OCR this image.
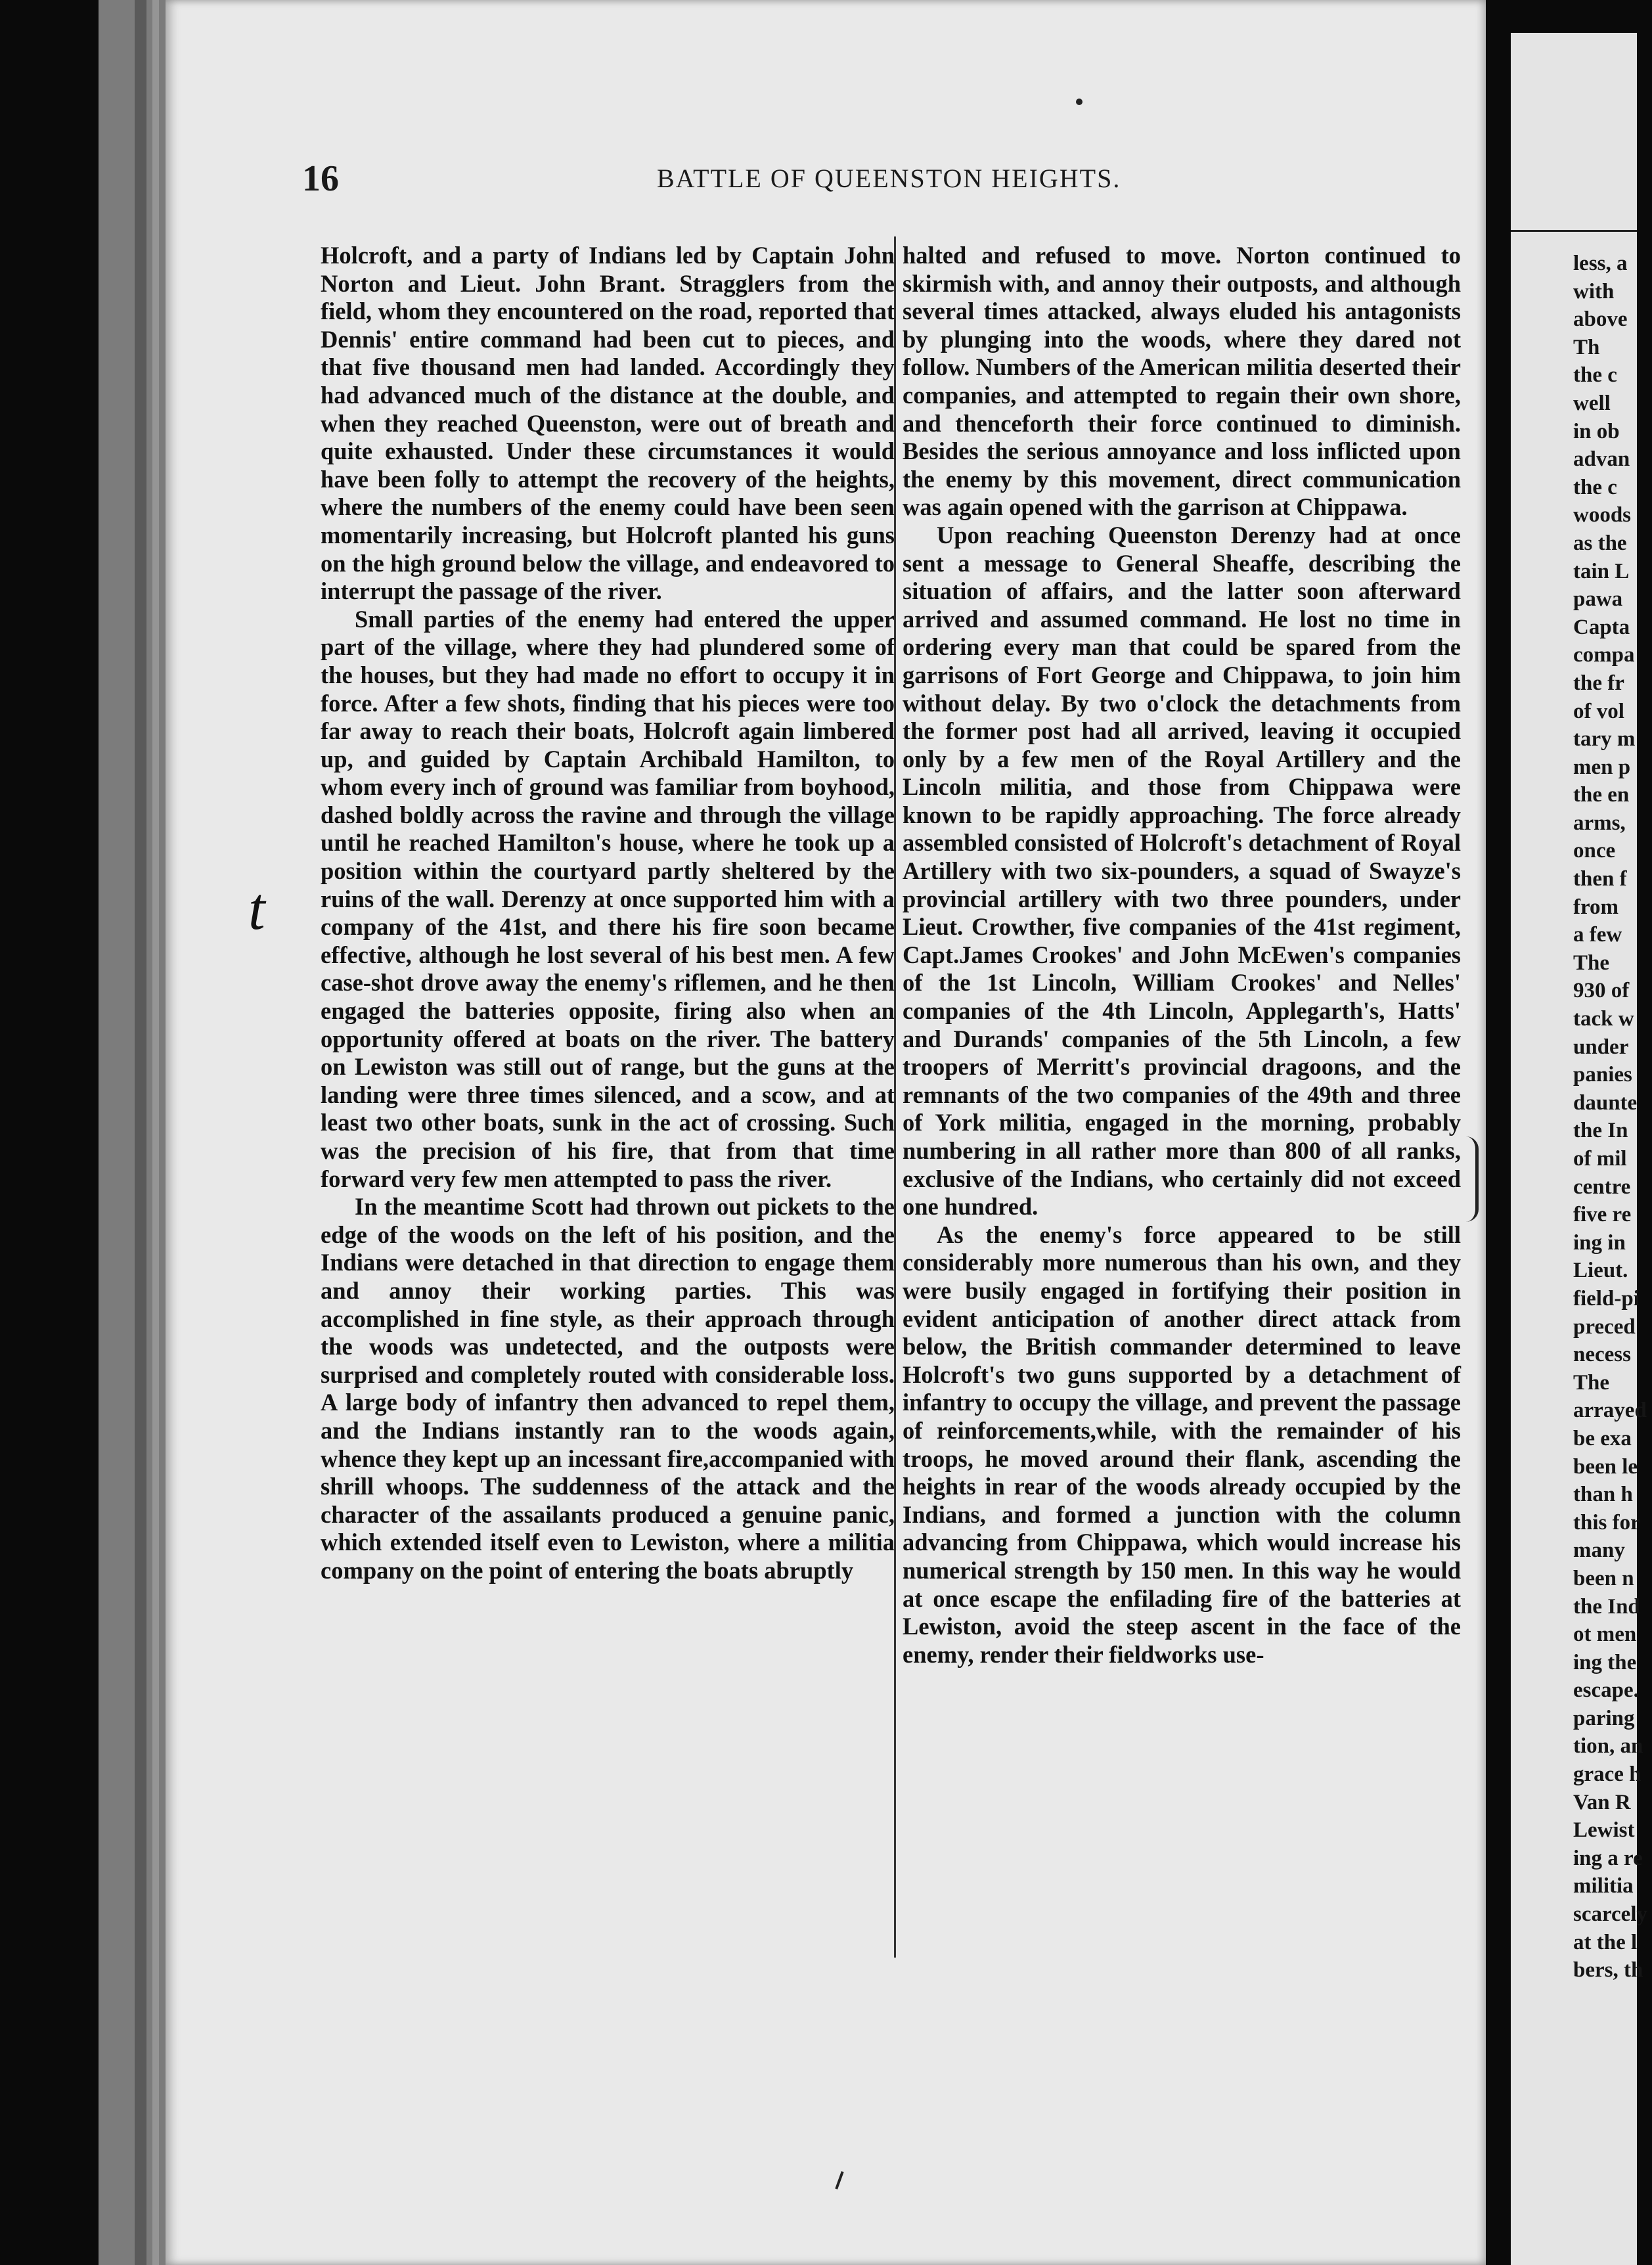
less, a
with
above
Th
the c
well
in ob
advan
the c
woods
as the
tain L
pawa
Capta
compa
the fr
of vol
tary m
men p
the en
arms,
once
then f
from
a few
The
930 of
tack w
under
panies
daunte
the In
of mil
centre
five re
ing in
Lieut.
field-pi
preced
necess
The
arrayed
be exa
been le
than h
this for
many
been n
the Ind
ot men
ing the
escape.
paring
tion, an
grace h
Van R
Lewist
ing a re
militia
scarcely
at the l
bers, th
16	BATTLE OF QUEENSTON HEIGHTS.

Holcroft, and a party of Indians led by Captain John Norton and Lieut. John Brant. Stragglers from the field, whom they encountered on the road, reported that Dennis' entire command had been cut to pieces, and that five thousand men had landed. Accordingly they had advanced much of the distance at the double, and when they reached Queenston, were out of breath and quite exhausted. Under these circumstances it would have been folly to attempt the recovery of the heights, where the numbers of the enemy could have been seen momentarily increasing, but Holcroft planted his guns on the high ground below the village, and endeavored to interrupt the passage of the river.

Small parties of the enemy had entered the upper part of the village, where they had plundered some of the houses, but they had made no effort to occupy it in force. After a few shots, finding that his pieces were too far away to reach their boats, Holcroft again limbered up, and guided by Captain Archibald Hamilton, to whom every inch of ground was familiar from boyhood, dashed boldly across the ravine and through the village until he reached Hamilton's house, where he took up a position within the courtyard partly sheltered by the ruins of the wall. Derenzy at once supported him with a company of the 41st, and there his fire soon became effective, although he lost several of his best men. A few case-shot drove away the enemy's riflemen, and he then engaged the batteries opposite, firing also when an opportunity offered at boats on the river. The battery on Lewiston was still out of range, but the guns at the landing were three times silenced, and a scow, and at least two other boats, sunk in the act of crossing. Such was the precision of his fire, that from that time forward very few men attempted to pass the river.

In the meantime Scott had thrown out pickets to the edge of the woods on the left of his position, and the Indians were detached in that direction to engage them and annoy their working parties. This was accomplished in fine style, as their approach through the woods was undetected, and the outposts were surprised and completely routed with considerable loss. A large body of infantry then advanced to repel them, and the Indians instantly ran to the woods again, whence they kept up an incessant fire,accompanied with shrill whoops. The suddenness of the attack and the character of the assailants produced a genuine panic, which extended itself even to Lewiston, where a militia company on the point of entering the boats abruptly

halted and refused to move. Norton continued to skirmish with, and annoy their outposts, and although several times attacked, always eluded his antagonists by plunging into the woods, where they dared not follow. Numbers of the American militia deserted their companies, and attempted to regain their own shore, and thenceforth their force continued to diminish. Besides the serious annoyance and loss inflicted upon the enemy by this movement, direct communication was again opened with the garrison at Chippawa.

Upon reaching Queenston Derenzy had at once sent a message to General Sheaffe, describing the situation of affairs, and the latter soon afterward arrived and assumed command. He lost no time in ordering every man that could be spared from the garrisons of Fort George and Chippawa, to join him without delay. By two o'clock the detachments from the former post had all arrived, leaving it occupied only by a few men of the Royal Artillery and the Lincoln militia, and those from Chippawa were known to be rapidly approaching. The force already assembled consisted of Holcroft's detachment of Royal Artillery with two six-pounders, a squad of Swayze's provincial artillery with two three pounders, under Lieut. Crowther, five companies of the 41st regiment, Capt.James Crookes' and John McEwen's companies of the 1st Lincoln, William Crookes' and Nelles' companies of the 4th Lincoln, Applegarth's, Hatts' and Durands' companies of the 5th Lincoln, a few troopers of Merritt's provincial dragoons, and the remnants of the two companies of the 49th and three of York militia, engaged in the morning, probably numbering in all rather more than 800 of all ranks, exclusive of the Indians, who certainly did not exceed one hundred.

As the enemy's force appeared to be still considerably more numerous than his own, and they were busily engaged in fortifying their position in evident anticipation of another direct attack from below, the British commander determined to leave Holcroft's two guns supported by a detachment of infantry to occupy the village, and prevent the passage of reinforcements,while, with the remainder of his troops, he moved around their flank, ascending the heights in rear of the woods already occupied by the Indians, and formed a junction with the column advancing from Chippawa, which would increase his numerical strength by 150 men. In this way he would at once escape the enfilading fire of the batteries at Lewiston, avoid the steep ascent in the face of the enemy, render their fieldworks use-

t
